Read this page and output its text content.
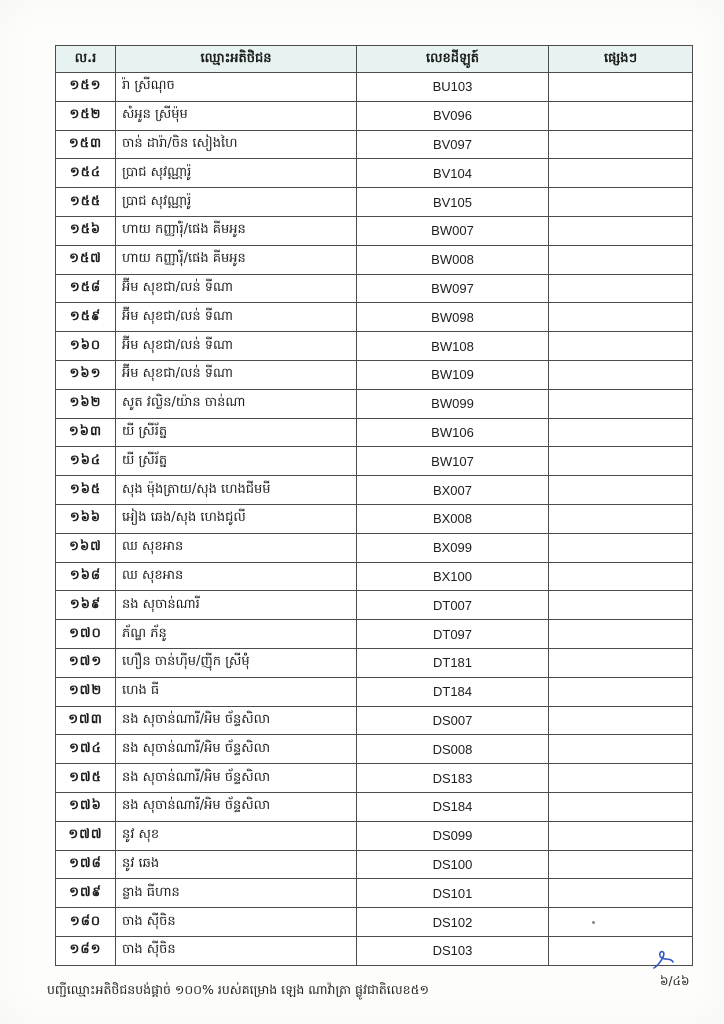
ល.រ	ឈ្មោះអតិថិជន	លេខដីឡូត៍	ផ្សេងៗ
១៥១	រ៉ា ស្រីណុច	BU103	
១៥២	សំអូន ស្រីម៉ុម	BV096	
១៥៣	ចាន់ ដារ៉ា/ចិន សៀងហៃ	BV097	
១៥៤	ប្រាជ សុវណ្ណារ៉ូ	BV104	
១៥៥	ប្រាជ សុវណ្ណារ៉ូ	BV105	
១៥៦	ហាយ កញ្ញារ៉ុំ/ផេង គីមអូន	BW007	
១៥៧	ហាយ កញ្ញារ៉ុំ/ផេង គីមអូន	BW008	
១៥៨	អ៊ីម សុខជា/លន់ ទីណា	BW097	
១៥៩	អ៊ីម សុខជា/លន់ ទីណា	BW098	
១៦០	អ៊ីម សុខជា/លន់ ទីណា	BW108	
១៦១	អ៊ីម សុខជា/លន់ ទីណា	BW109	
១៦២	សូត វល្លិន/យ៉ាន ចាន់ណា	BW099	
១៦៣	យី ស្រីរ័ត្ន	BW106	
១៦៤	យី ស្រីរ័ត្ន	BW107	
១៦៥	សុង ម៉ុងត្រាយ/សុង ហេងជីមមី	BX007	
១៦៦	អៀង ឆេង/សុង ហេងជូលី	BX008	
១៦៧	ឈ សុខអាន	BX099	
១៦៨	ឈ សុខអាន	BX100	
១៦៩	នង សុចាន់ណារី	DT007	
១៧០	ភ័ណ្ឌ ភ័នូ	DT097	
១៧១	ហឿន ចាន់ហ៊ីម/ញ៉ីក ស្រីម៉ុំ	DT181	
១៧២	ហេង ធី	DT184	
១៧៣	នង សុចាន់ណារី/អិម ច័ន្ទសិលា	DS007	
១៧៤	នង សុចាន់ណារី/អិម ច័ន្ទសិលា	DS008	
១៧៥	នង សុចាន់ណារី/អិម ច័ន្ទសិលា	DS183	
១៧៦	នង សុចាន់ណារី/អិម ច័ន្ទសិលា	DS184	
១៧៧	នូវ សុខ	DS099	
១៧៨	នូវ ឆេង	DS100	
១៧៩	ន្លាង ធីហាន	DS101	
១៨០	ចាង ស៊ីចិន	DS102	
១៨១	ចាង ស៊ីចិន	DS103	
បញ្ជីឈ្មោះអតិថិជនបង់ផ្តាច់ ១០០% របស់គម្រោង ឡេង ណាវ៉ាត្រា ផ្លូវជាតិលេខ៥១
៦/៤៦
